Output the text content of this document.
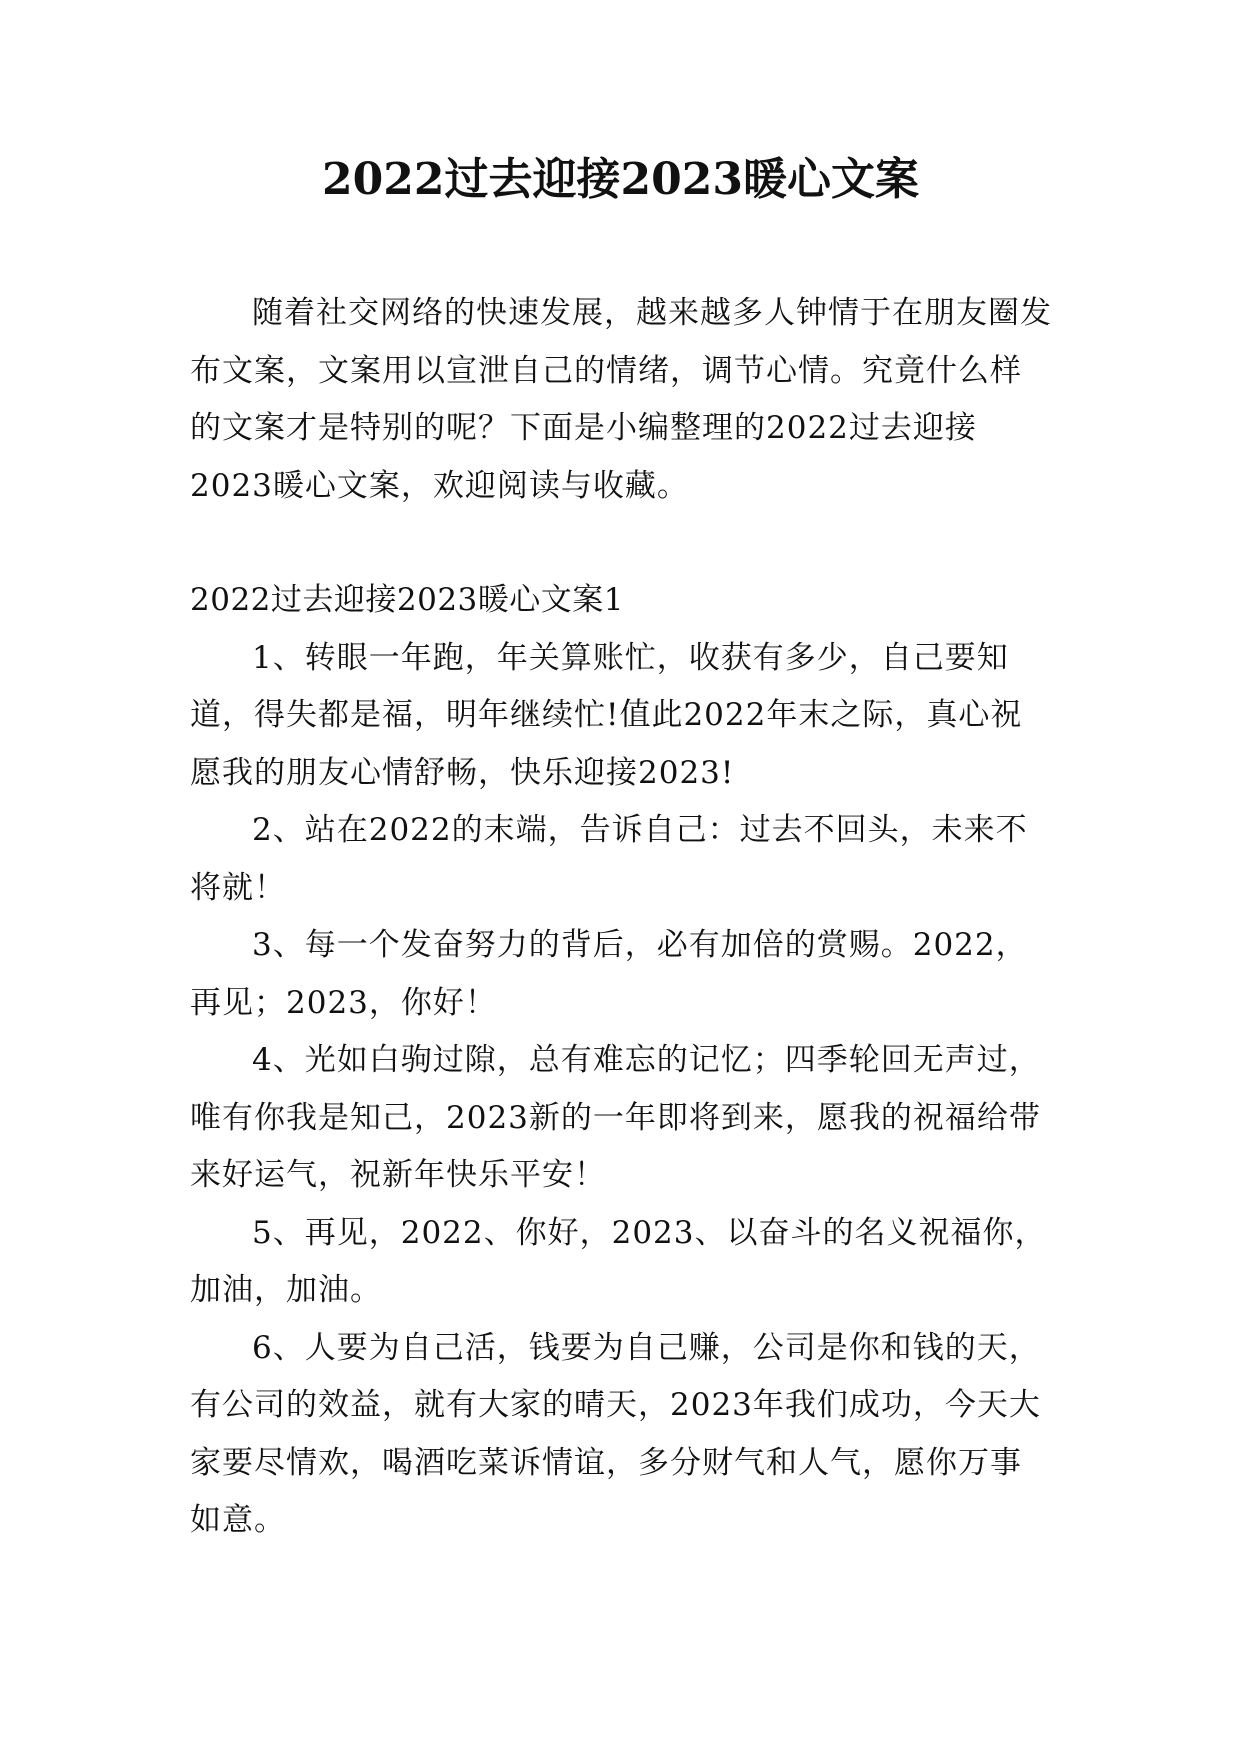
2022过去迎接2023暖心文案

随着社交网络的快速发展，越来越多人钟情于在朋友圈发布文案，文案用以宣泄自己的情绪，调节心情。究竟什么样的文案才是特别的呢？下面是小编整理的2022过去迎接2023暖心文案，欢迎阅读与收藏。

2022过去迎接2023暖心文案1

1、转眼一年跑，年关算账忙，收获有多少，自己要知道，得失都是福，明年继续忙!值此2022年末之际，真心祝愿我的朋友心情舒畅，快乐迎接2023!

2、站在2022的末端，告诉自己：过去不回头，未来不将就！

3、每一个发奋努力的背后，必有加倍的赏赐。2022，再见；2023，你好！

4、光如白驹过隙，总有难忘的记忆；四季轮回无声过，唯有你我是知己，2023新的一年即将到来，愿我的祝福给带来好运气，祝新年快乐平安！

5、再见，2022、你好，2023、以奋斗的名义祝福你，加油，加油。

6、人要为自己活，钱要为自己赚，公司是你和钱的天，有公司的效益，就有大家的晴天，2023年我们成功，今天大家要尽情欢，喝酒吃菜诉情谊，多分财气和人气，愿你万事如意。
